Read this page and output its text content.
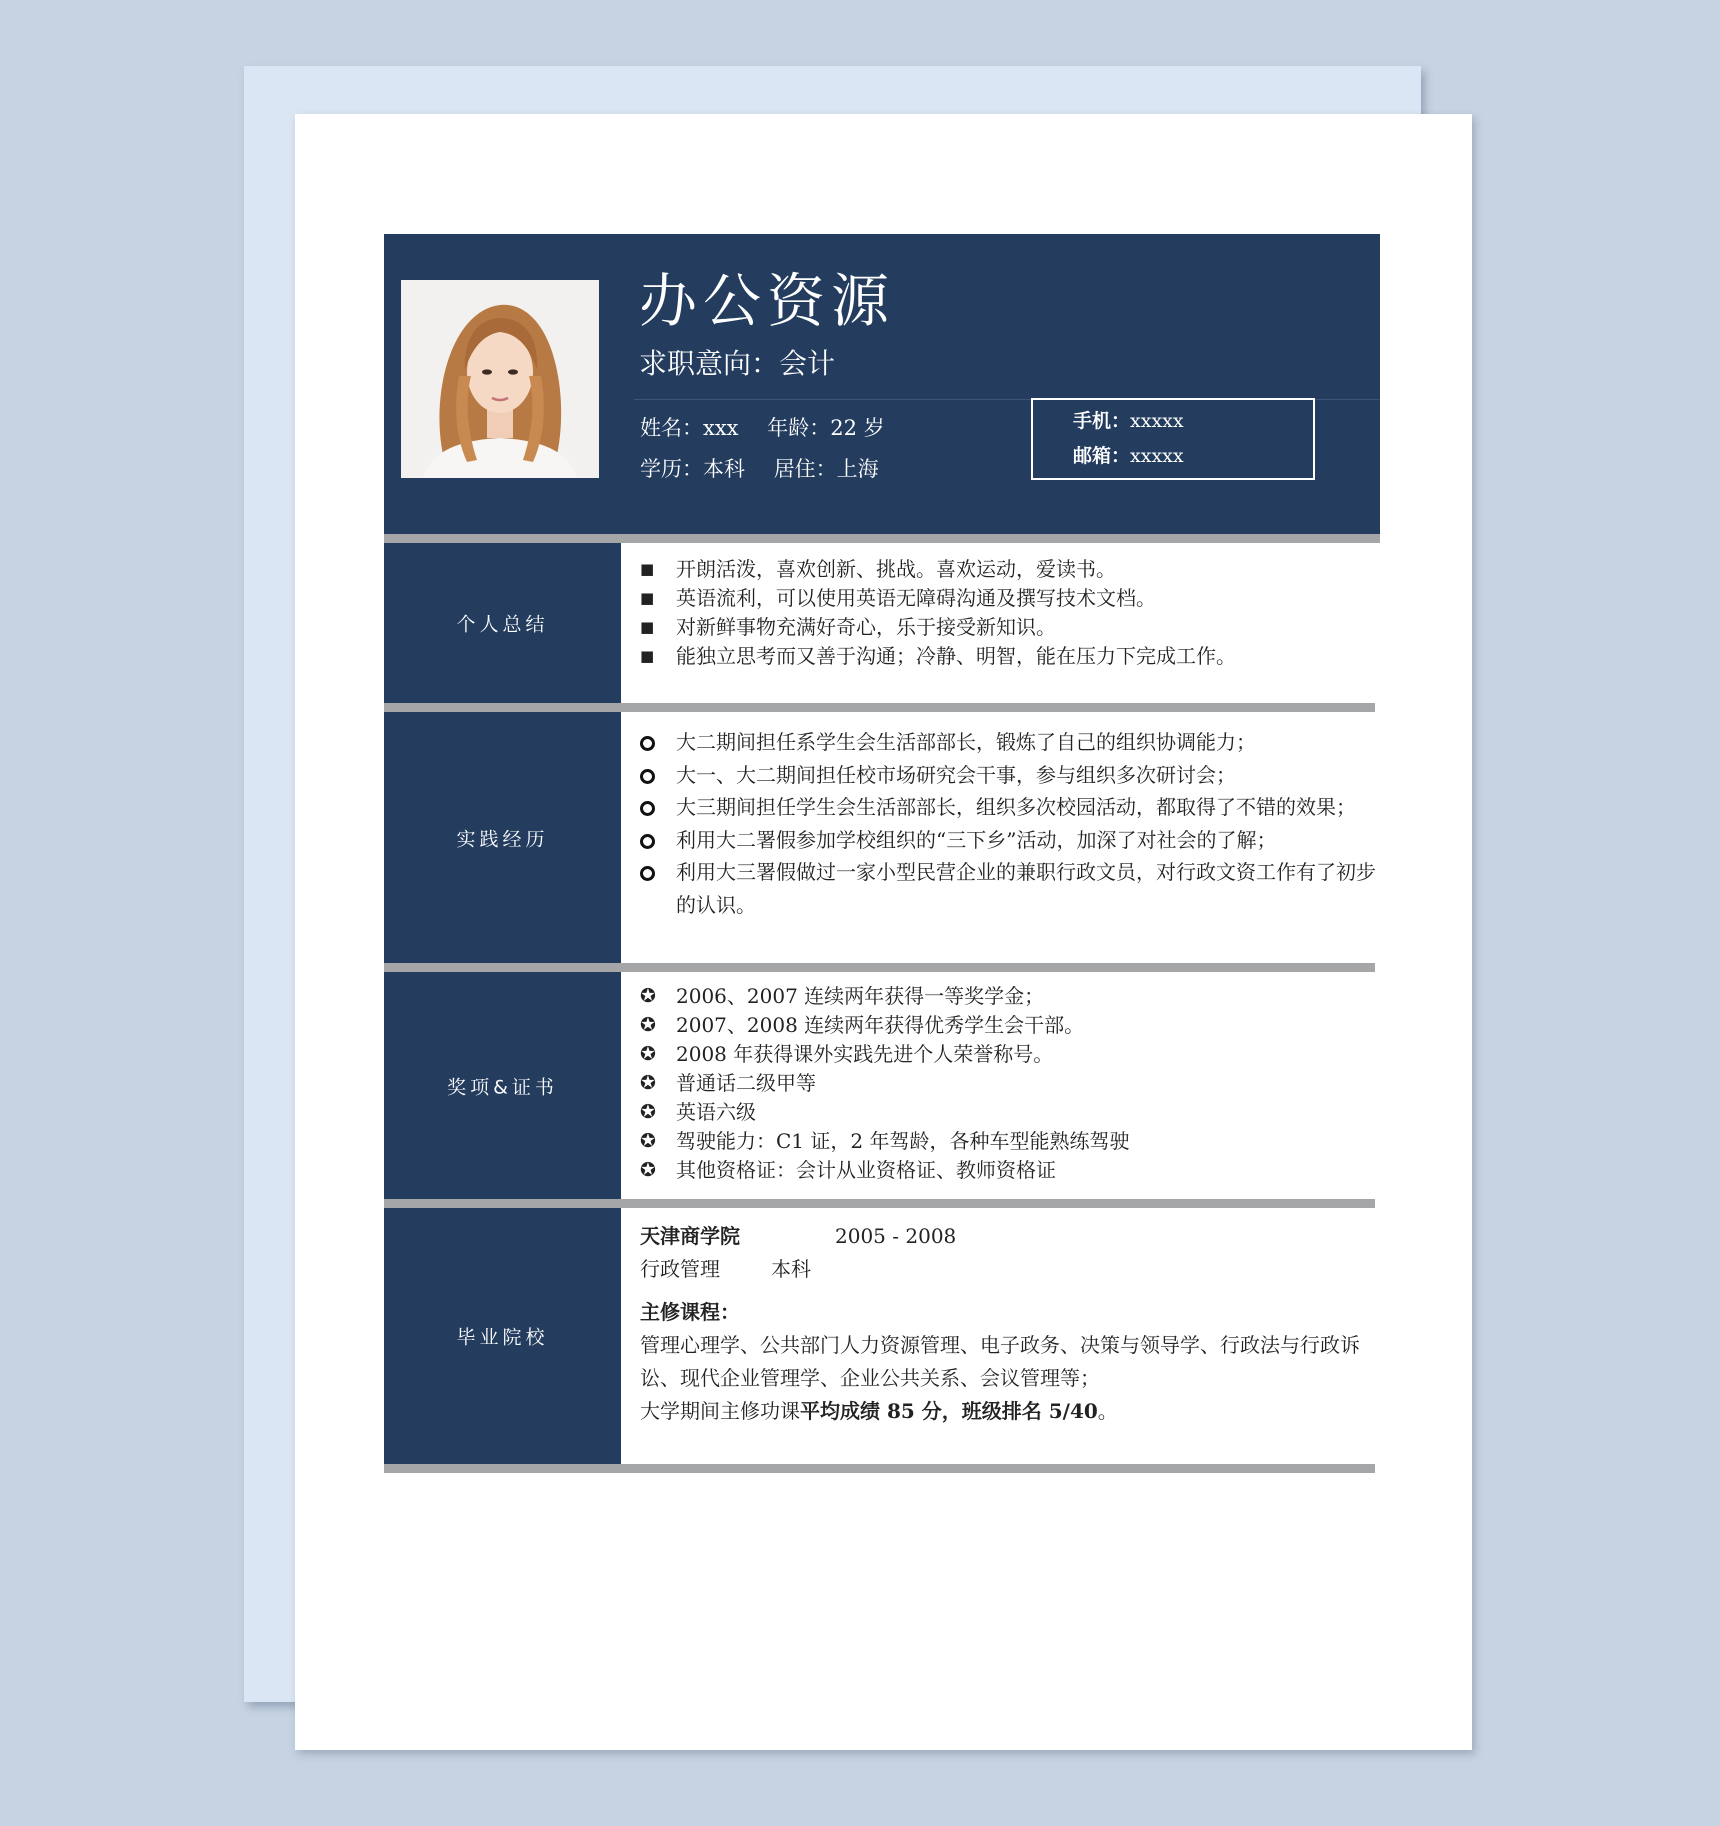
办公资源
求职意向：会计
姓名：xxx 年龄：22 岁
学历：本科 居住：上海
手机：xxxxx
邮箱：xxxxx
个人总结
■ 开朗活泼，喜欢创新、挑战。喜欢运动，爱读书。
■ 英语流利，可以使用英语无障碍沟通及撰写技术文档。
■ 对新鲜事物充满好奇心，乐于接受新知识。
■ 能独立思考而又善于沟通；冷静、明智，能在压力下完成工作。
实践经历
大二期间担任系学生会生活部部长，锻炼了自己的组织协调能力；
大一、大二期间担任校市场研究会干事，参与组织多次研讨会；
大三期间担任学生会生活部部长，组织多次校园活动，都取得了不错的效果；
利用大二署假参加学校组织的“三下乡”活动，加深了对社会的了解；
利用大三署假做过一家小型民营企业的兼职行政文员，对行政文资工作有了初步的认识。
奖项&证书
✪ 2006、2007 连续两年获得一等奖学金；
✪ 2007、2008 连续两年获得优秀学生会干部。
✪ 2008 年获得课外实践先进个人荣誉称号。
✪ 普通话二级甲等
✪ 英语六级
✪ 驾驶能力：C1 证，2 年驾龄，各种车型能熟练驾驶
✪ 其他资格证：会计从业资格证、教师资格证
毕业院校
天津商学院	2005 - 2008
行政管理	本科
主修课程：
管理心理学、公共部门人力资源管理、电子政务、决策与领导学、行政法与行政诉讼、现代企业管理学、企业公共关系、会议管理等；
大学期间主修功课平均成绩 85 分，班级排名 5/40。
